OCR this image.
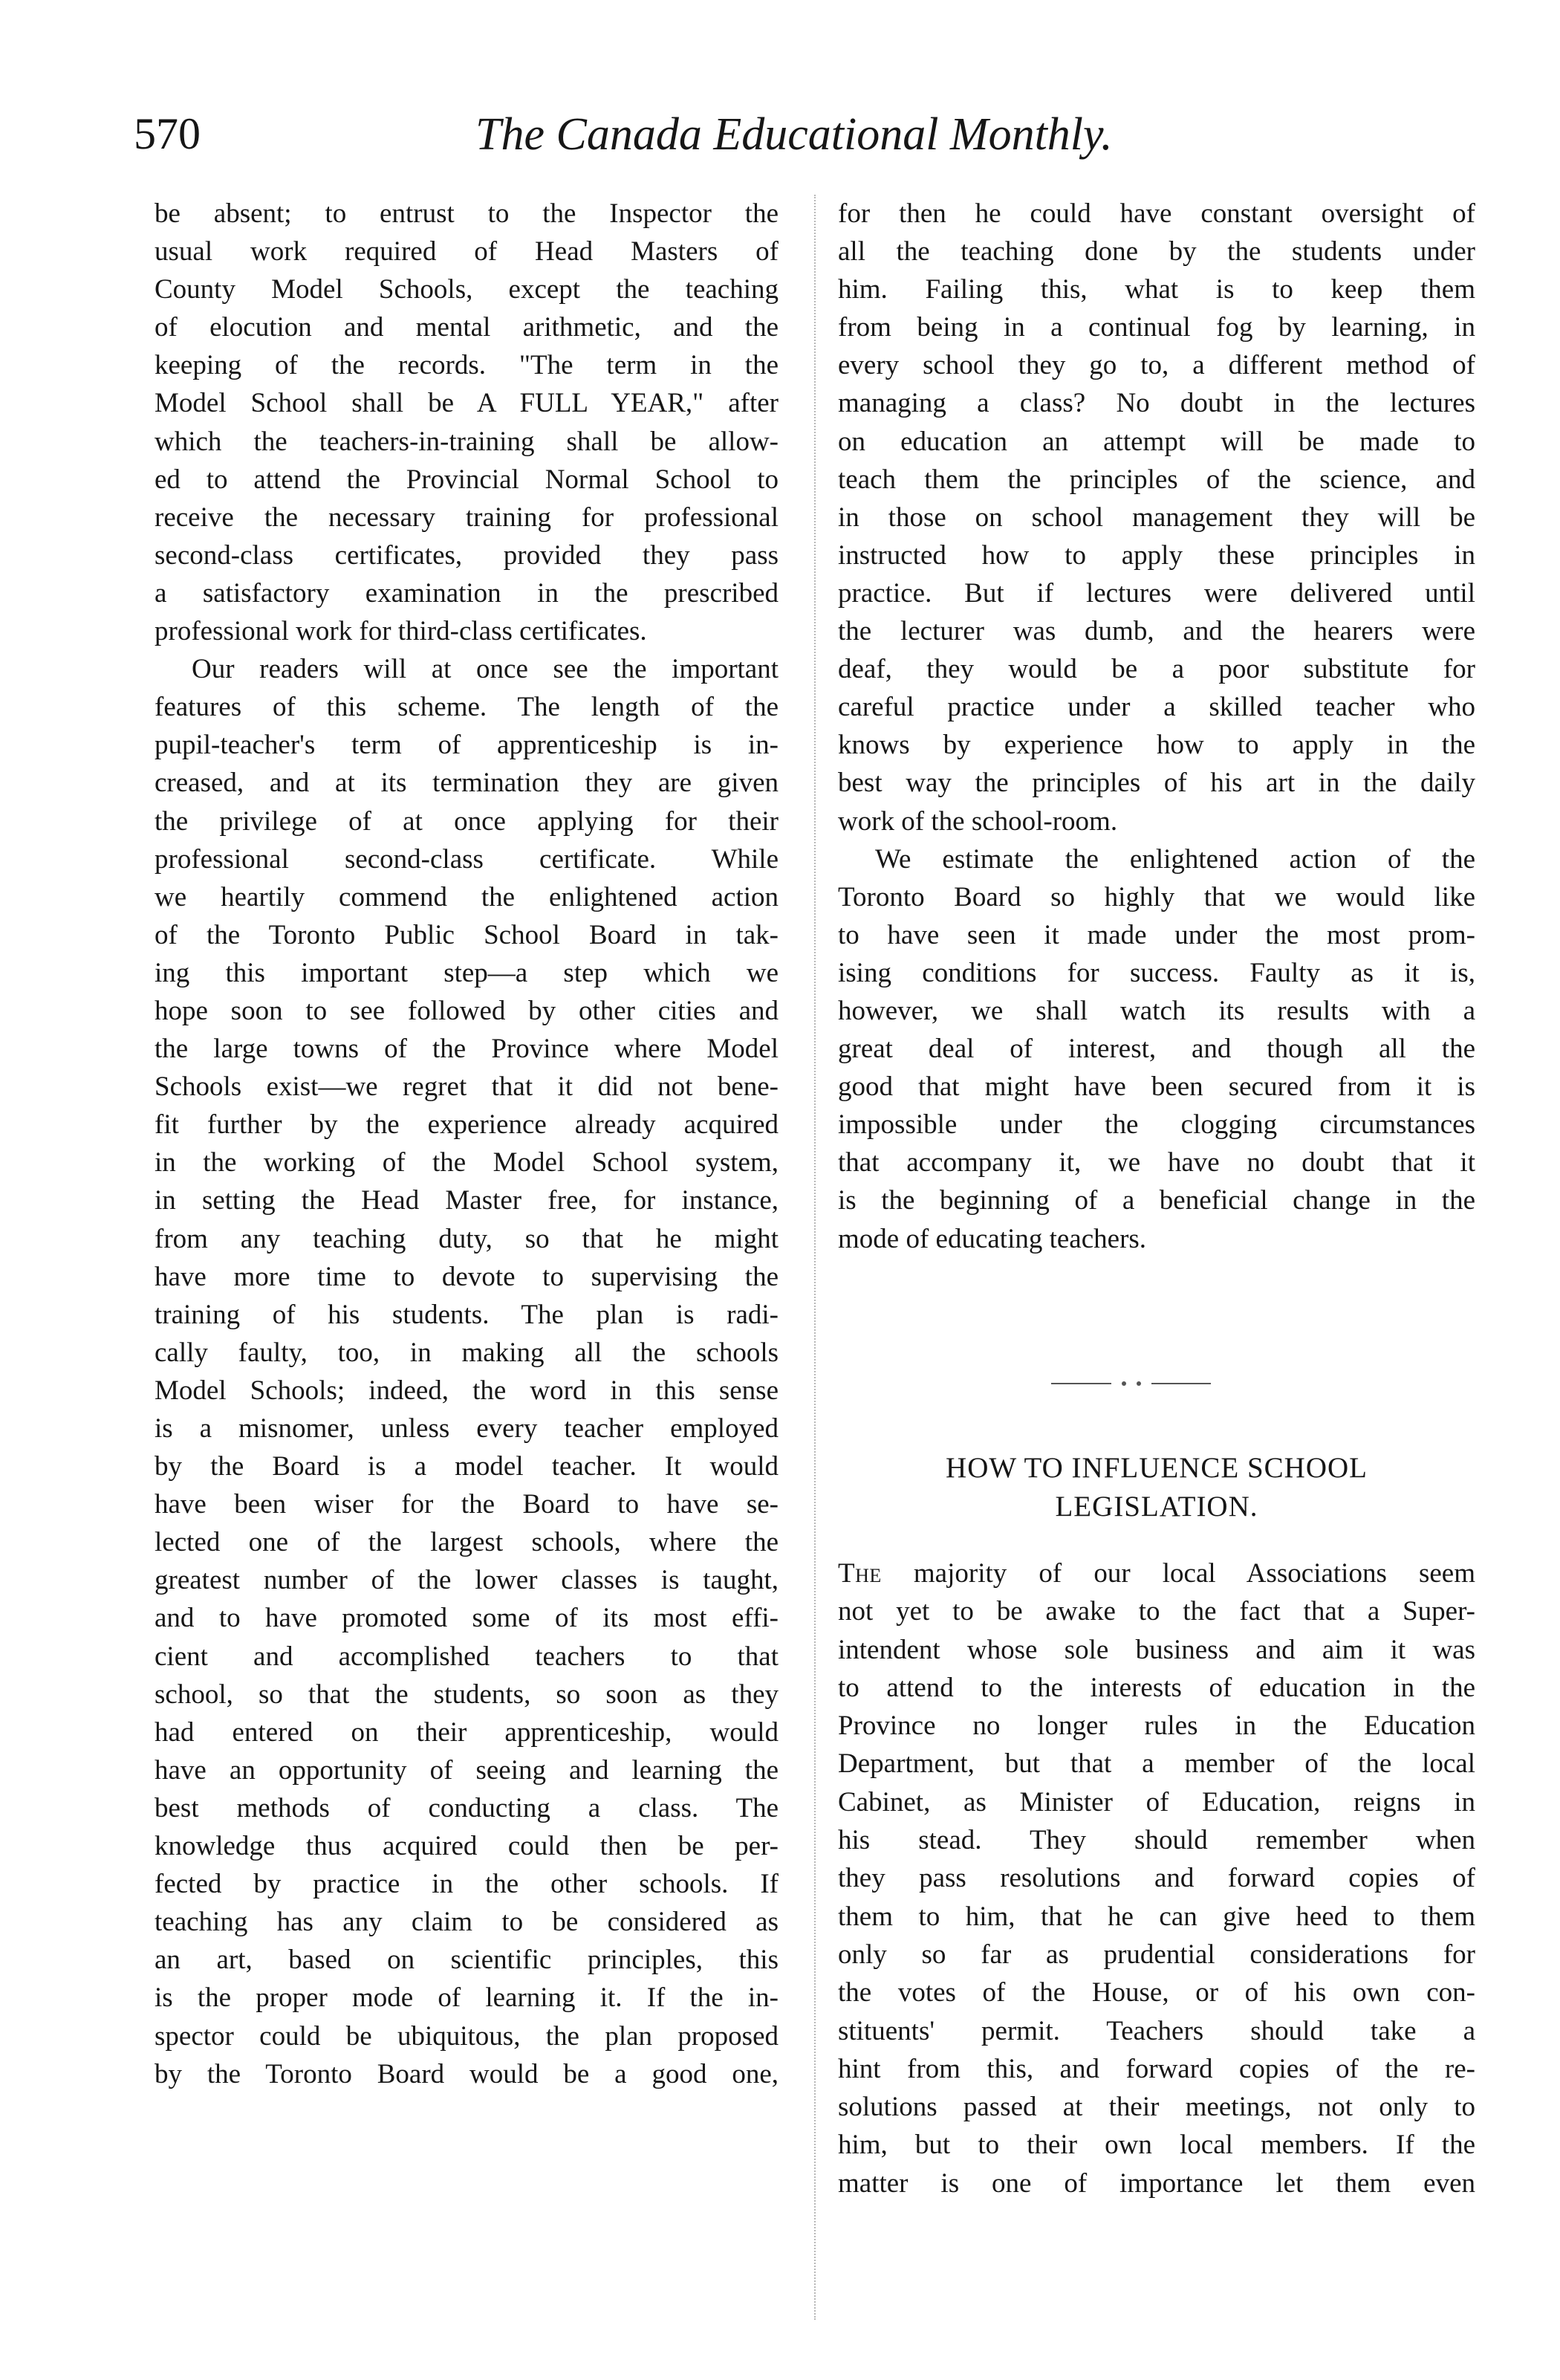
570	The Canada Educational Monthly.
be absent; to entrust to the Inspector the
usual work required of Head Masters of
County Model Schools, except the teaching
of elocution and mental arithmetic, and the
keeping of the records. "The term in the
Model School shall be A FULL YEAR," after
which the teachers-in-training shall be allow-
ed to attend the Provincial Normal School to
receive the necessary training for professional
second-class certificates, provided they pass
a satisfactory examination in the prescribed
professional work for third-class certificates.
Our readers will at once see the important
features of this scheme. The length of the
pupil-teacher's term of apprenticeship is in-
creased, and at its termination they are given
the privilege of at once applying for their
professional second-class certificate. While
we heartily commend the enlightened action
of the Toronto Public School Board in tak-
ing this important step—a step which we
hope soon to see followed by other cities and
the large towns of the Province where Model
Schools exist—we regret that it did not bene-
fit further by the experience already acquired
in the working of the Model School system,
in setting the Head Master free, for instance,
from any teaching duty, so that he might
have more time to devote to supervising the
training of his students. The plan is radi-
cally faulty, too, in making all the schools
Model Schools; indeed, the word in this sense
is a misnomer, unless every teacher employed
by the Board is a model teacher. It would
have been wiser for the Board to have se-
lected one of the largest schools, where the
greatest number of the lower classes is taught,
and to have promoted some of its most effi-
cient and accomplished teachers to that
school, so that the students, so soon as they
had entered on their apprenticeship, would
have an opportunity of seeing and learning the
best methods of conducting a class. The
knowledge thus acquired could then be per-
fected by practice in the other schools. If
teaching has any claim to be considered as
an art, based on scientific principles, this
is the proper mode of learning it. If the in-
spector could be ubiquitous, the plan proposed
by the Toronto Board would be a good one,
for then he could have constant oversight of
all the teaching done by the students under
him. Failing this, what is to keep them
from being in a continual fog by learning, in
every school they go to, a different method of
managing a class? No doubt in the lectures
on education an attempt will be made to
teach them the principles of the science, and
in those on school management they will be
instructed how to apply these principles in
practice. But if lectures were delivered until
the lecturer was dumb, and the hearers were
deaf, they would be a poor substitute for
careful practice under a skilled teacher who
knows by experience how to apply in the
best way the principles of his art in the daily
work of the school-room.
We estimate the enlightened action of the
Toronto Board so highly that we would like
to have seen it made under the most prom-
ising conditions for success. Faulty as it is,
however, we shall watch its results with a
great deal of interest, and though all the
good that might have been secured from it is
impossible under the clogging circumstances
that accompany it, we have no doubt that it
is the beginning of a beneficial change in the
mode of educating teachers.
HOW TO INFLUENCE SCHOOL
LEGISLATION.
The majority of our local Associations seem
not yet to be awake to the fact that a Super-
intendent whose sole business and aim it was
to attend to the interests of education in the
Province no longer rules in the Education
Department, but that a member of the local
Cabinet, as Minister of Education, reigns in
his stead. They should remember when
they pass resolutions and forward copies of
them to him, that he can give heed to them
only so far as prudential considerations for
the votes of the House, or of his own con-
stituents' permit. Teachers should take a
hint from this, and forward copies of the re-
solutions passed at their meetings, not only to
him, but to their own local members. If the
matter is one of importance let them even
